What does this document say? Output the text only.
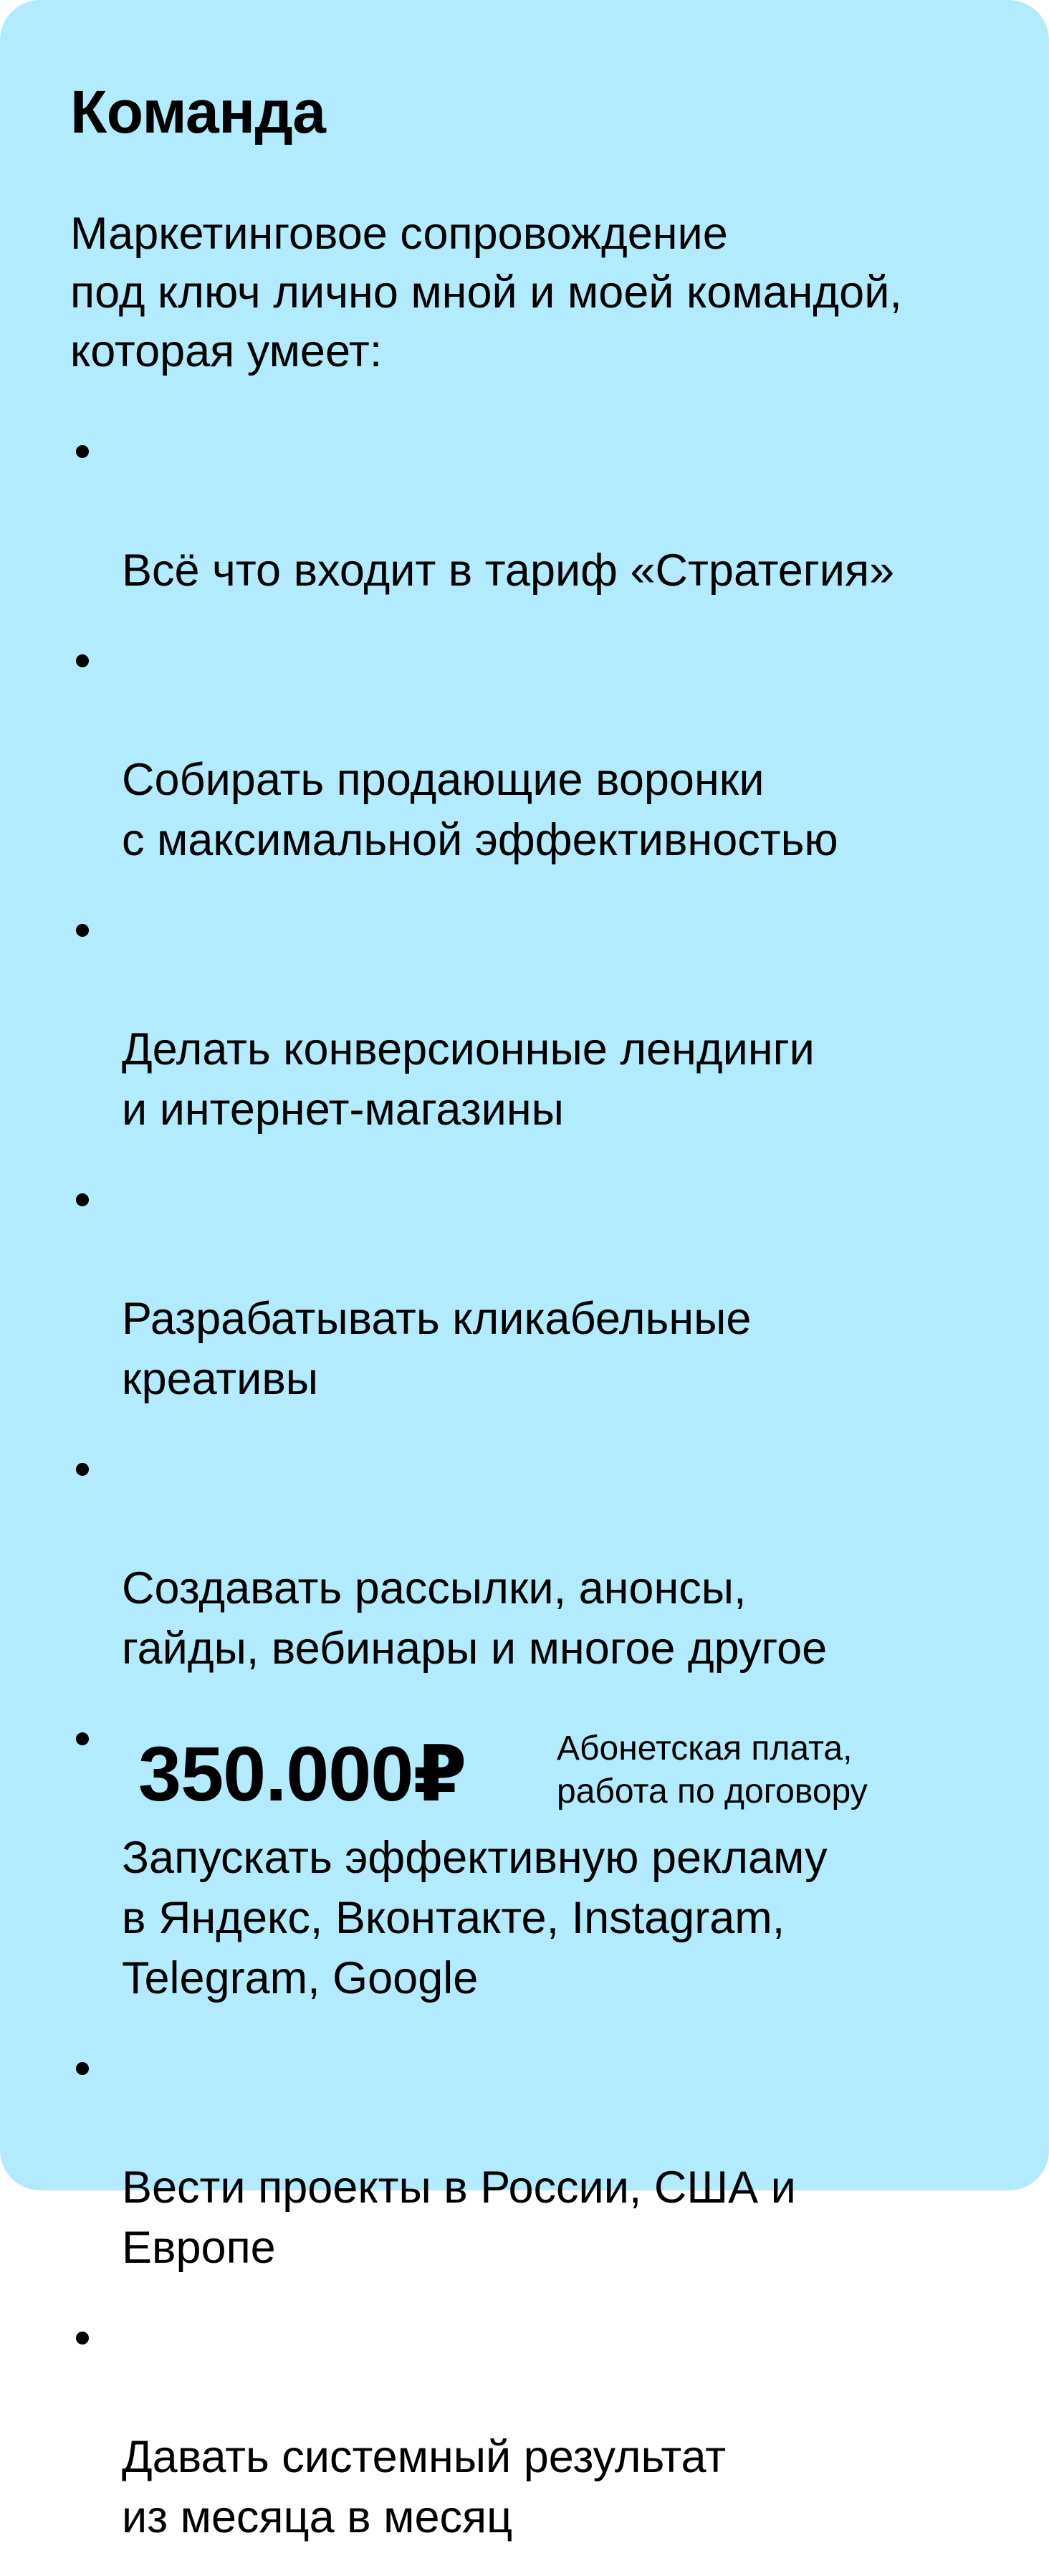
Команда

Маркетинговое сопровождение
под ключ лично мной и моей командой,
которая умеет:

Всё что входит в тариф «Стратегия»

Собирать продающие воронки
с максимальной эффективностью

Делать конверсионные лендинги
и интернет-магазины

Разрабатывать кликабельные
креативы

Создавать рассылки, анонсы,
гайды, вебинары и многое другое

Запускать эффективную рекламу
в Яндекс, Вконтакте, Instagram,
Telegram, Google

Вести проекты в России, США и
Европе

Давать системный результат
из месяца в месяц

350.000₽	Абонетская плата,
работа по договору
